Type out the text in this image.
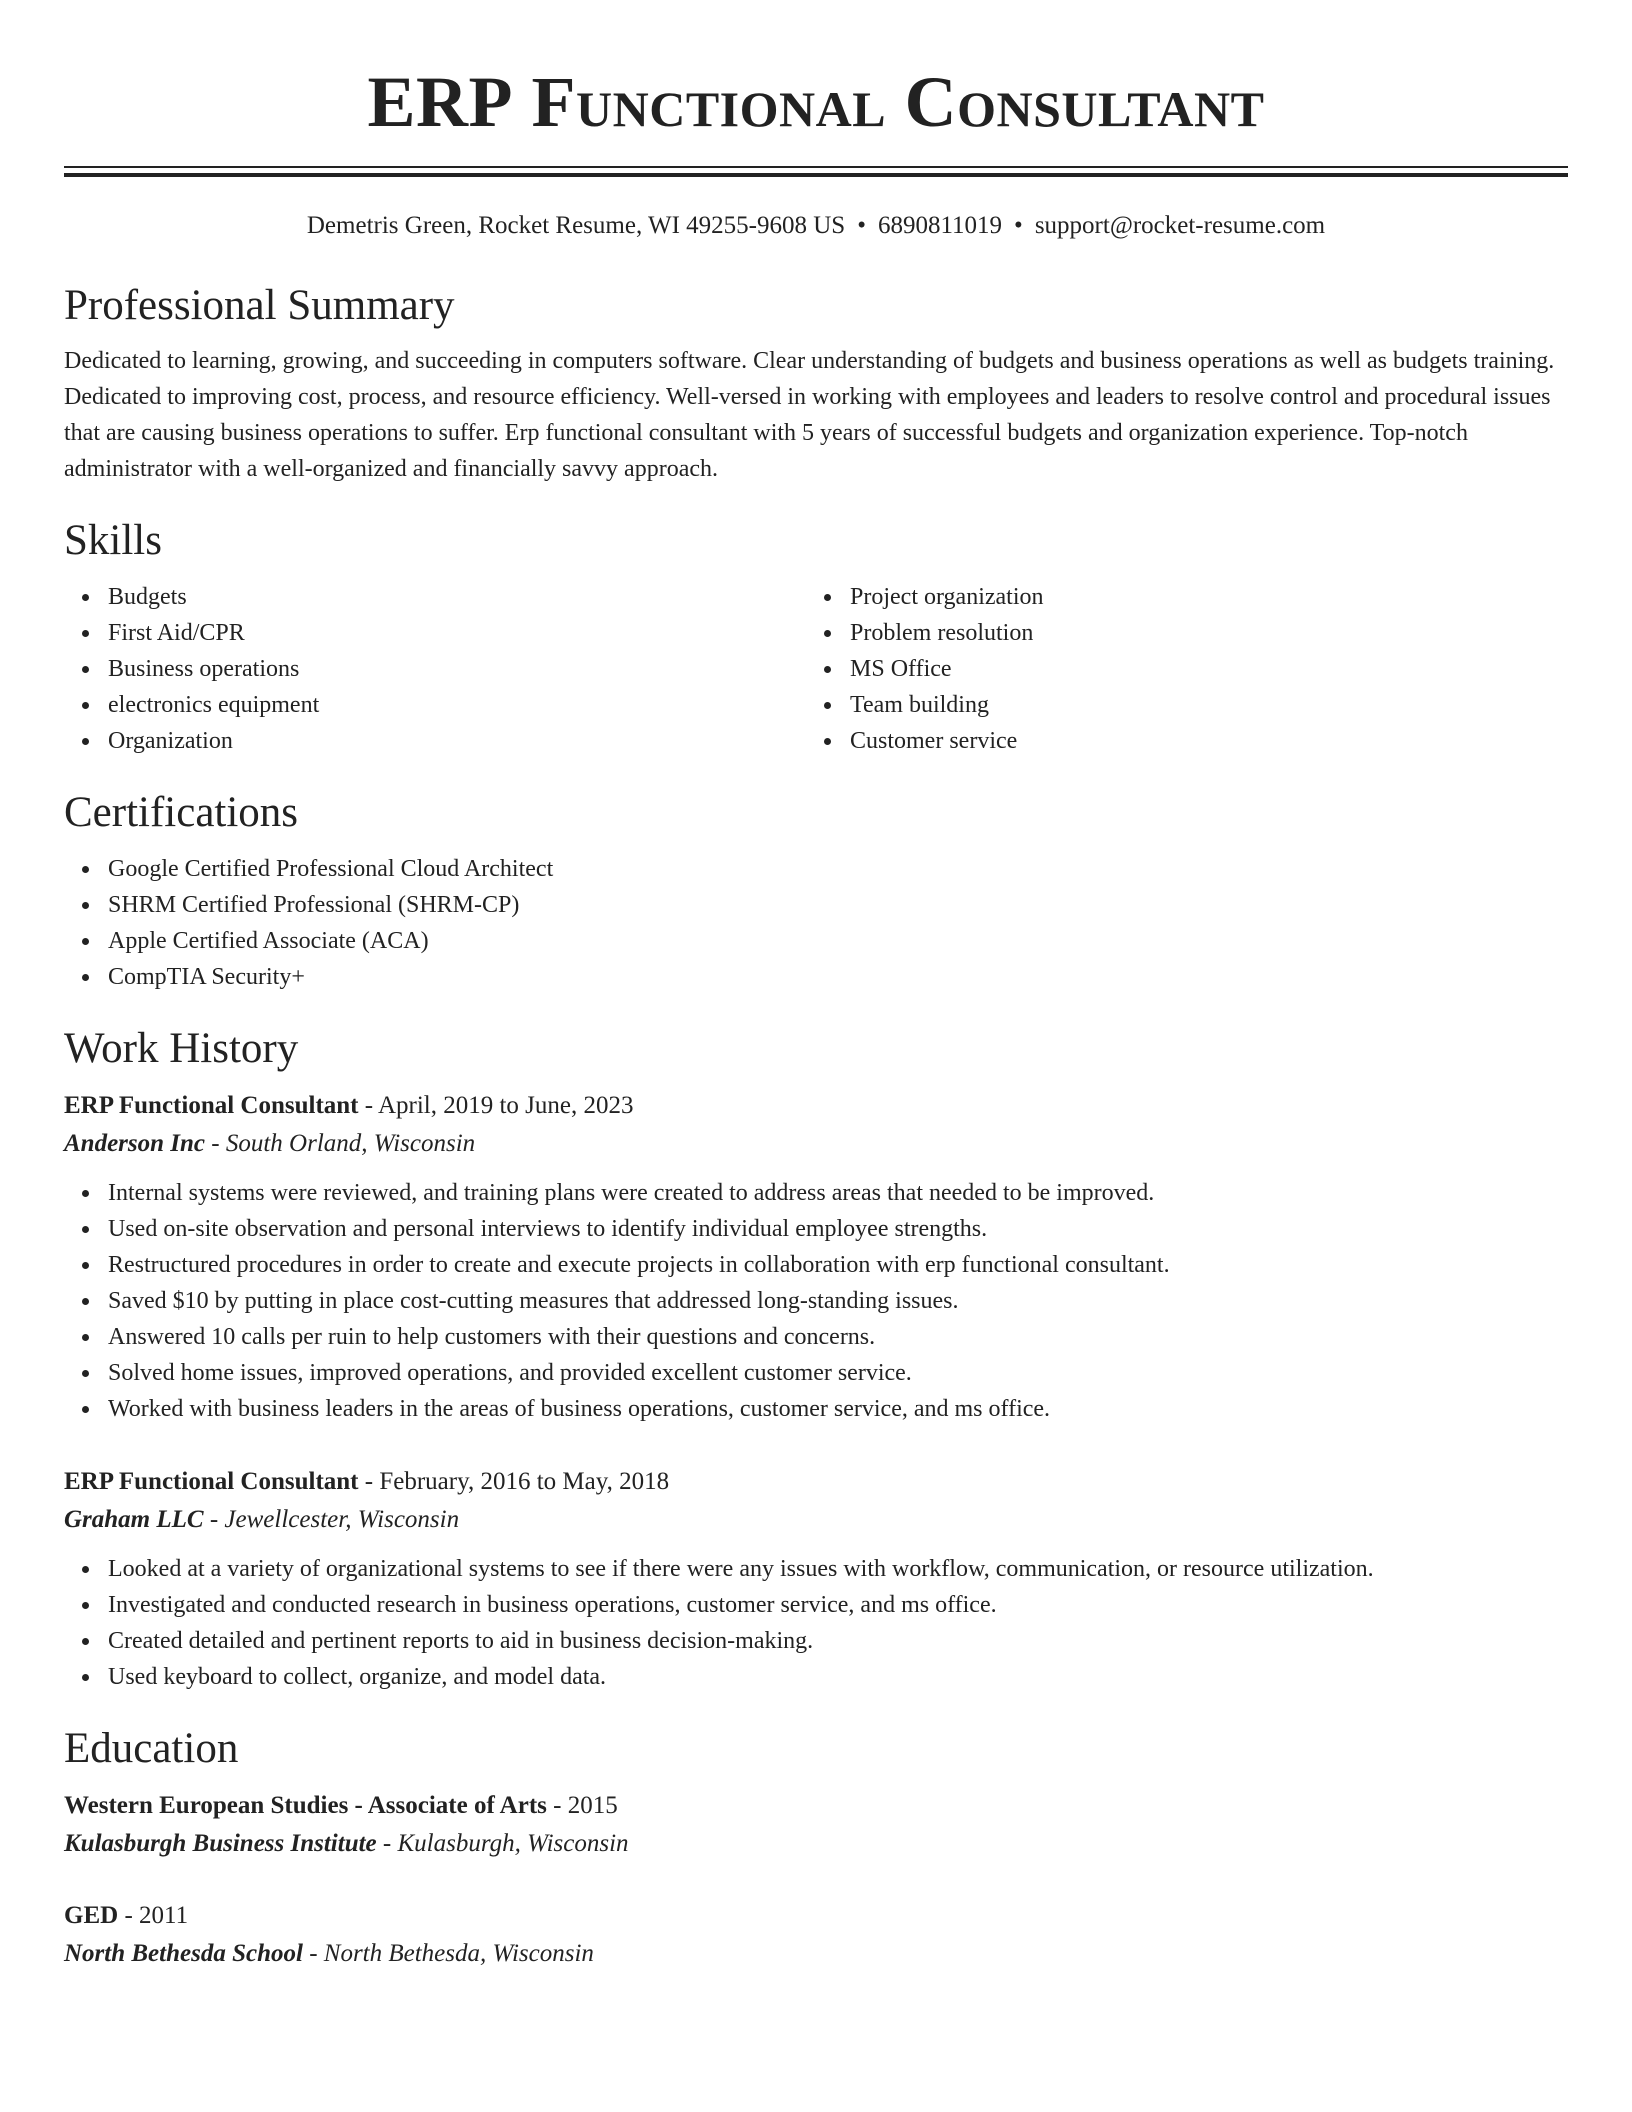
ERP Functional Consultant
Demetris Green, Rocket Resume, WI 49255-9608 US • 6890811019 • support@rocket-resume.com
Professional Summary

Dedicated to learning, growing, and succeeding in computers software. Clear understanding of budgets and business operations as well as budgets training. Dedicated to improving cost, process, and resource efficiency. Well-versed in working with employees and leaders to resolve control and procedural issues that are causing business operations to suffer. Erp functional consultant with 5 years of successful budgets and organization experience. Top-notch administrator with a well-organized and financially savvy approach.

Skills
Budgets
First Aid/CPR
Business operations
electronics equipment
Organization
Project organization
Problem resolution
MS Office
Team building
Customer service
Certifications
Google Certified Professional Cloud Architect
SHRM Certified Professional (SHRM-CP)
Apple Certified Associate (ACA)
CompTIA Security+
Work History
ERP Functional Consultant - April, 2019 to June, 2023
Anderson Inc - South Orland, Wisconsin
Internal systems were reviewed, and training plans were created to address areas that needed to be improved.
Used on-site observation and personal interviews to identify individual employee strengths.
Restructured procedures in order to create and execute projects in collaboration with erp functional consultant.
Saved $10 by putting in place cost-cutting measures that addressed long-standing issues.
Answered 10 calls per ruin to help customers with their questions and concerns.
Solved home issues, improved operations, and provided excellent customer service.
Worked with business leaders in the areas of business operations, customer service, and ms office.
ERP Functional Consultant - February, 2016 to May, 2018
Graham LLC - Jewellcester, Wisconsin
Looked at a variety of organizational systems to see if there were any issues with workflow, communication, or resource utilization.
Investigated and conducted research in business operations, customer service, and ms office.
Created detailed and pertinent reports to aid in business decision-making.
Used keyboard to collect, organize, and model data.
Education
Western European Studies - Associate of Arts - 2015
Kulasburgh Business Institute - Kulasburgh, Wisconsin
GED - 2011
North Bethesda School - North Bethesda, Wisconsin
